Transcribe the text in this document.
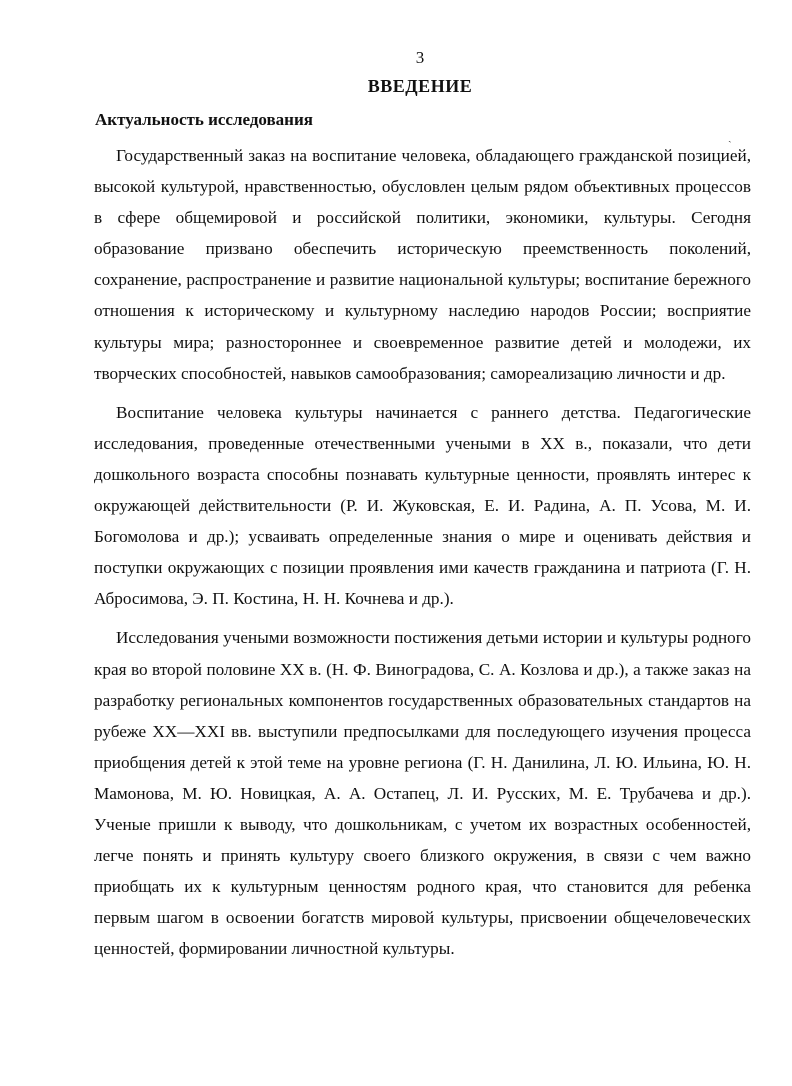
3
ВВЕДЕНИЕ
Актуальность исследования
ˏ

Государственный заказ на воспитание человека, обладающего гражданской позицией, высокой культурой, нравственностью, обусловлен целым рядом объективных процессов в сфере общемировой и российской политики, экономики, культуры. Сегодня образование призвано обеспечить историческую преемственность поколений, сохранение, распространение и развитие национальной культуры; воспитание бережного отношения к историческому и культурному наследию народов России; восприятие культуры мира; разностороннее и своевременное развитие детей и молодежи, их творческих способностей, навыков самообразования; самореализацию личности и др.

Воспитание человека культуры начинается с раннего детства. Педагогические исследования, проведенные отечественными учеными в XX в., показали, что дети дошкольного возраста способны познавать культурные ценности, проявлять интерес к окружающей действительности (Р. И. Жуковская, Е. И. Радина, А. П. Усова, М. И. Богомолова и др.); усваивать определенные знания о мире и оценивать действия и поступки окружающих с позиции проявления ими качеств гражданина и патриота (Г. Н. Абросимова, Э. П. Костина, Н. Н. Кочнева и др.).

Исследования учеными возможности постижения детьми истории и культуры родного края во второй половине XX в. (Н. Ф. Виноградова, С. А. Козлова и др.), а также заказ на разработку региональных компонентов государственных образовательных стандартов на рубеже XX—XXI вв. выступили предпосылками для последующего изучения процесса приобщения детей к этой теме на уровне региона (Г. Н. Данилина, Л. Ю. Ильина, Ю. Н. Мамонова, М. Ю. Новицкая, А. А. Остапец, Л. И. Русских, М. Е. Трубачева и др.). Ученые пришли к выводу, что дошкольникам, с учетом их возрастных особенностей, легче понять и принять культуру своего близкого окружения, в связи с чем важно приобщать их к культурным ценностям родного края, что становится для ребенка первым шагом в освоении богатств мировой культуры, присвоении общечеловеческих ценностей, формировании личностной культуры.
